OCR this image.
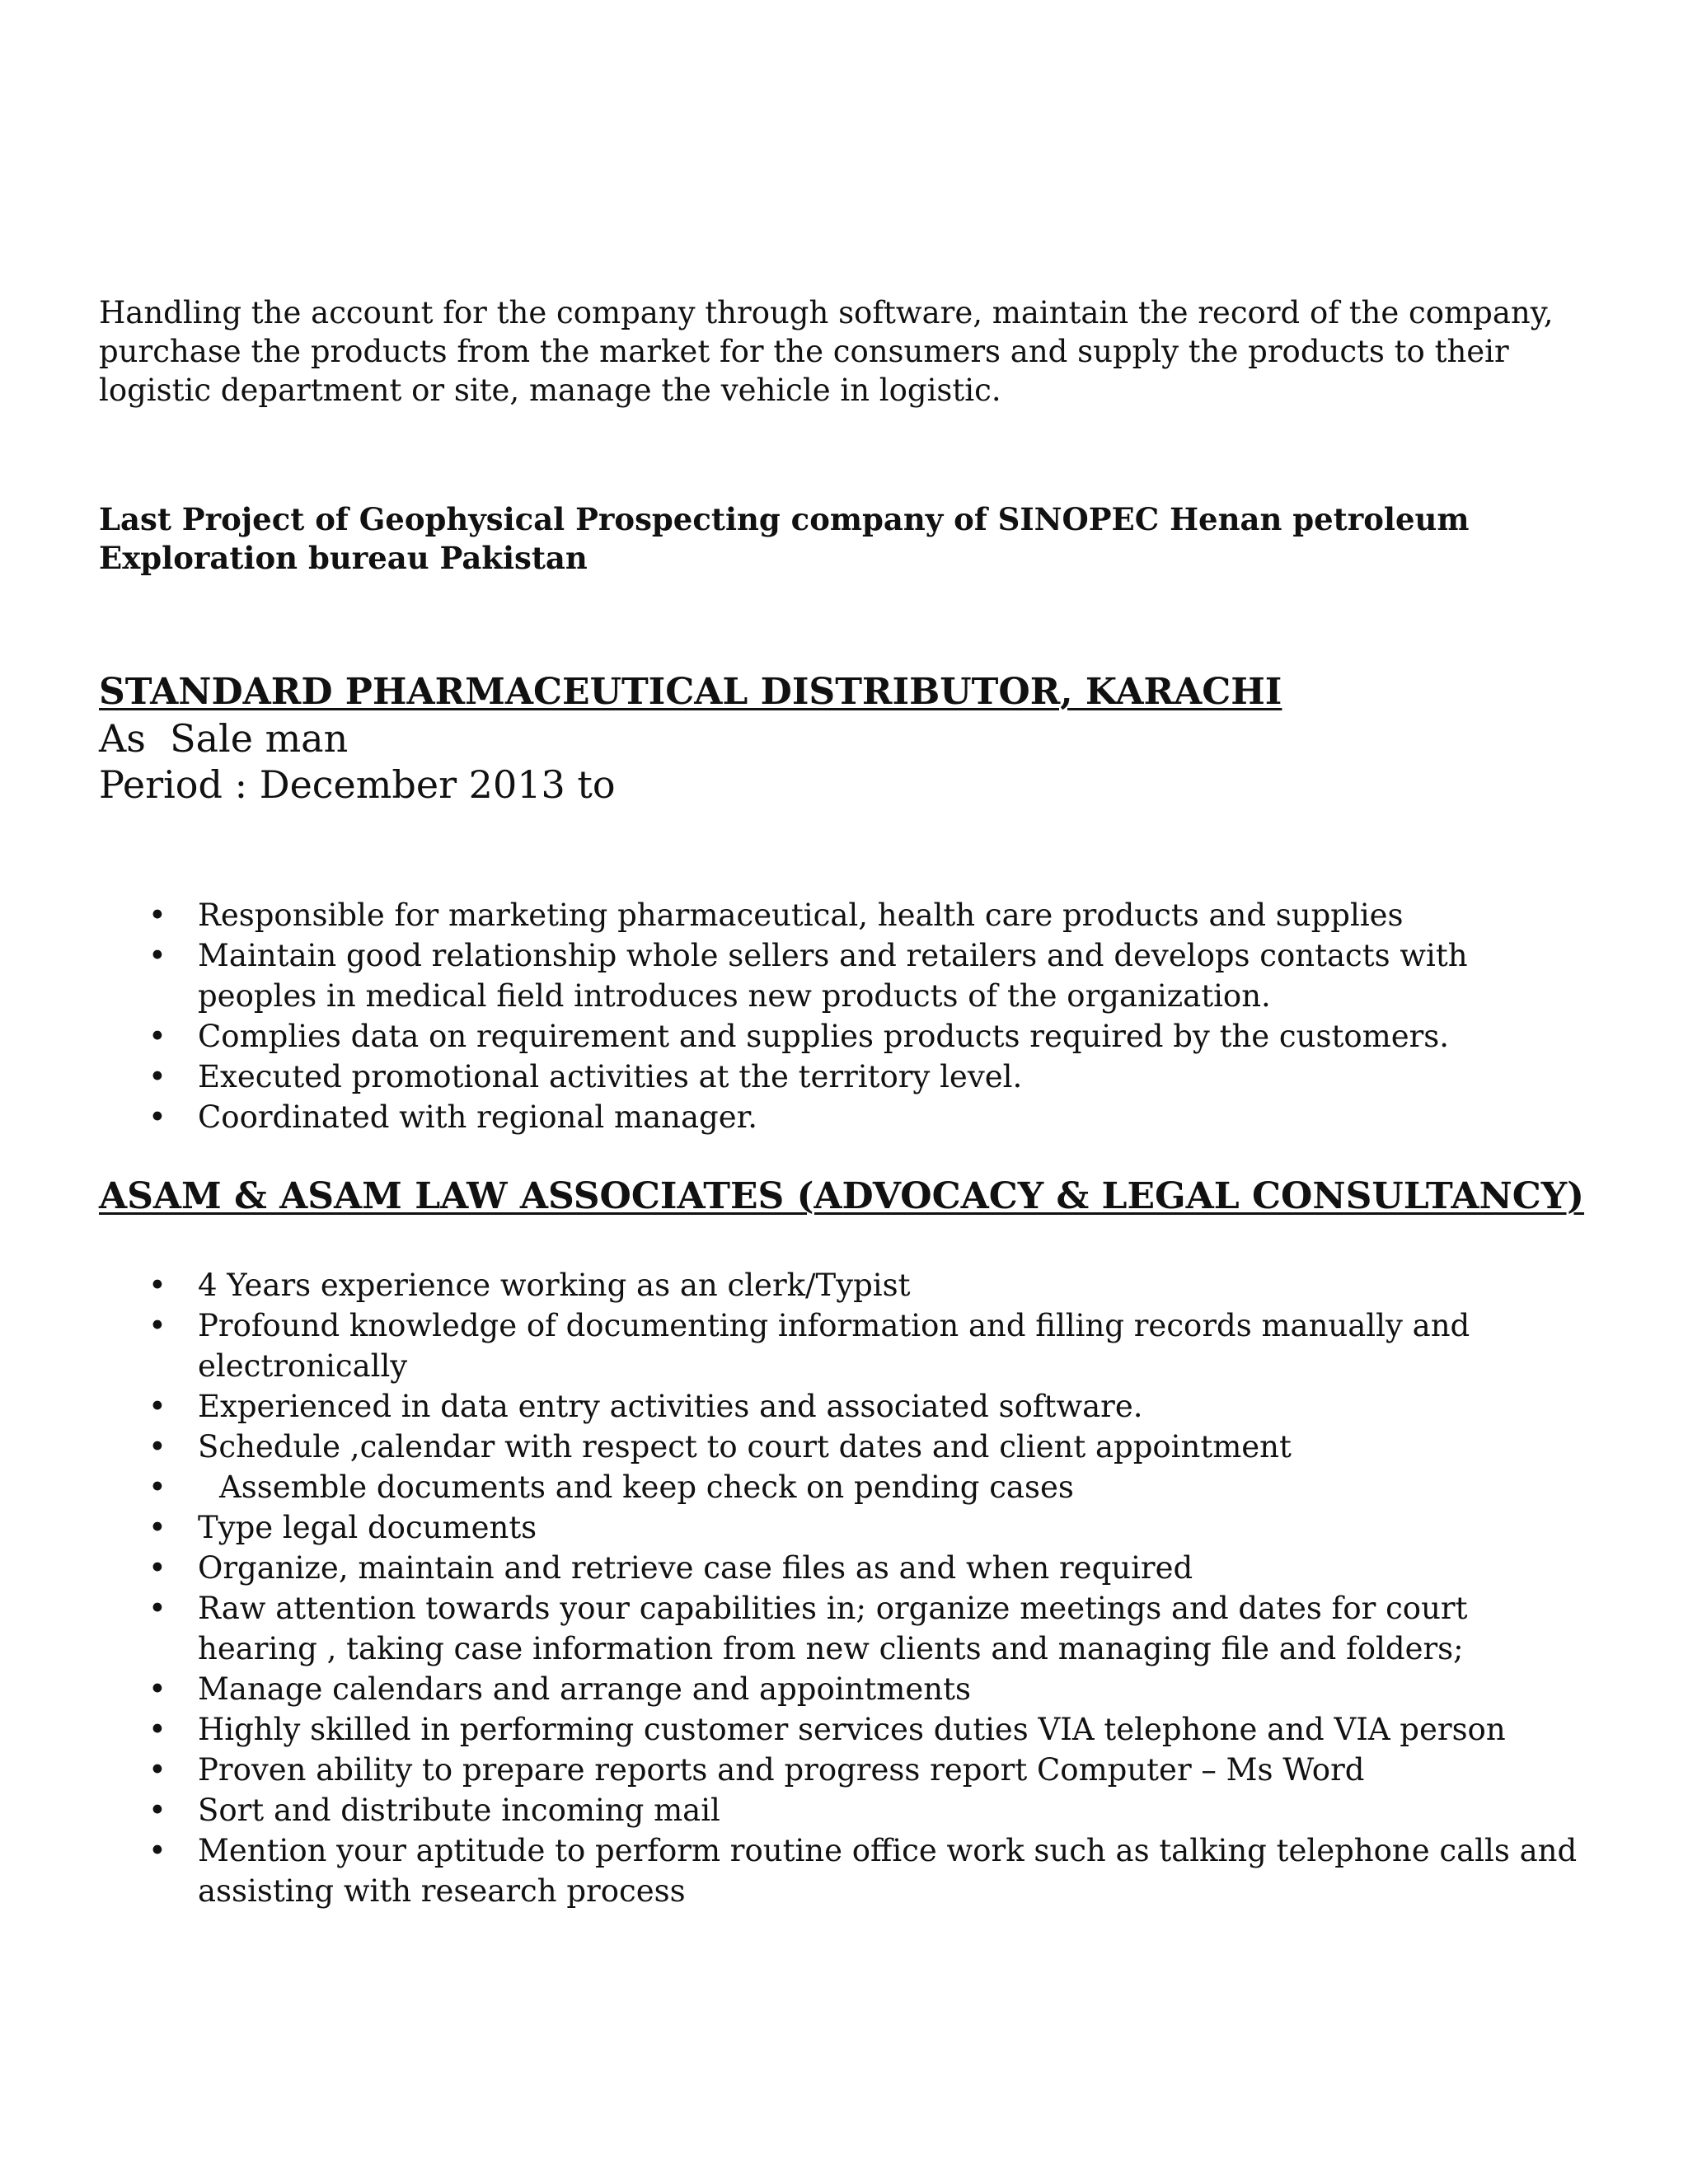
Handling the account for the company through software, maintain the record of the company, purchase the products from the market for the consumers and supply the products to their logistic department or site, manage the vehicle in logistic.

Last Project of Geophysical Prospecting company of SINOPEC Henan petroleum Exploration bureau Pakistan

STANDARD PHARMACEUTICAL DISTRIBUTOR, KARACHI

As  Sale man

Period : December 2013 to

• Responsible for marketing pharmaceutical, health care products and supplies
• Maintain good relationship whole sellers and retailers and develops contacts with peoples in medical field introduces new products of the organization.
• Complies data on requirement and supplies products required by the customers.
• Executed promotional activities at the territory level.
• Coordinated with regional manager.
ASAM & ASAM LAW ASSOCIATES (ADVOCACY & LEGAL CONSULTANCY)
• 4 Years experience working as an clerk/Typist
• Profound knowledge of documenting information and filling records manually and electronically
• Experienced in data entry activities and associated software.
• Schedule ,calendar with respect to court dates and client appointment
• Assemble documents and keep check on pending cases
• Type legal documents
• Organize, maintain and retrieve case files as and when required
• Raw attention towards your capabilities in; organize meetings and dates for court hearing , taking case information from new clients and managing file and folders;
• Manage calendars and arrange and appointments
• Highly skilled in performing customer services duties VIA telephone and VIA person
• Proven ability to prepare reports and progress report Computer – Ms Word
• Sort and distribute incoming mail
• Mention your aptitude to perform routine office work such as talking telephone calls and assisting with research process
